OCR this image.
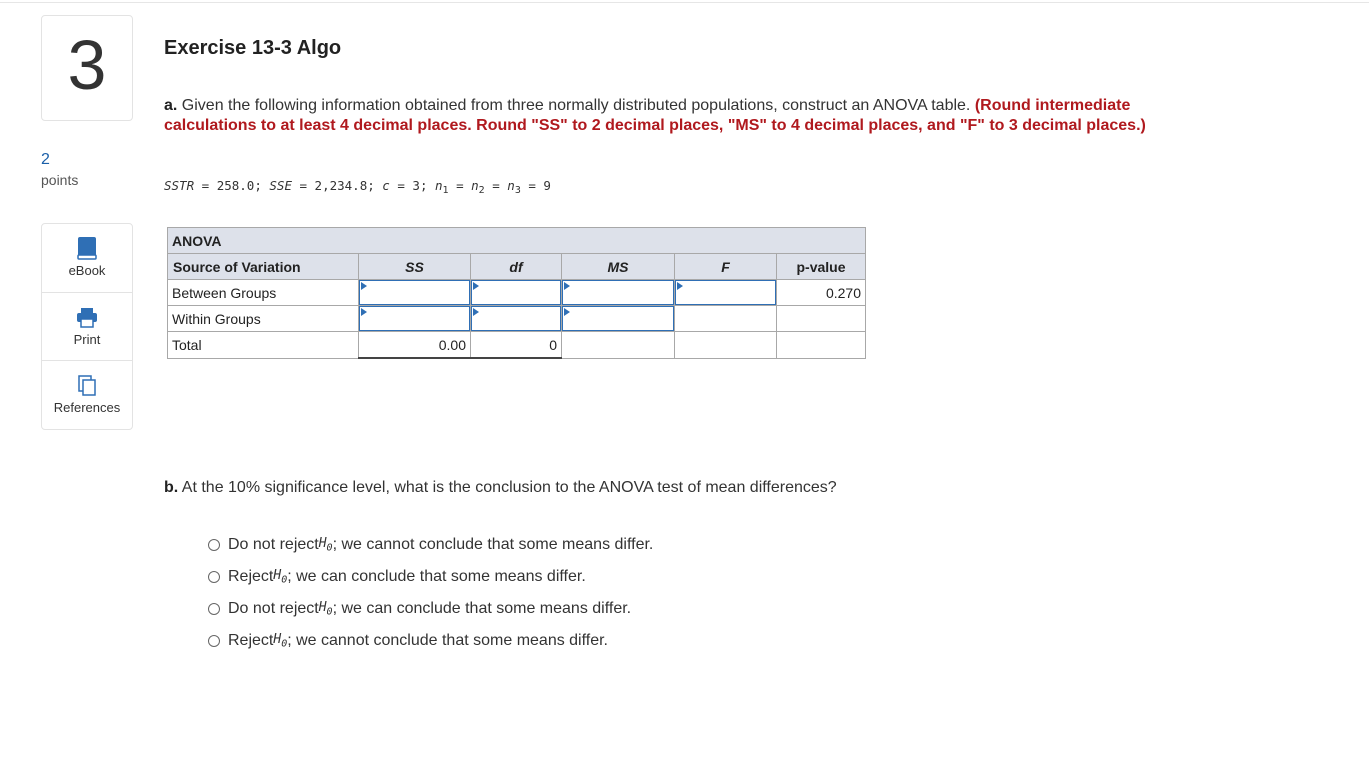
3
2
points
eBook
Print
References
Exercise 13-3 Algo
a. Given the following information obtained from three normally distributed populations, construct an ANOVA table. (Round intermediate calculations to at least 4 decimal places. Round "SS" to 2 decimal places, "MS" to 4 decimal places, and "F" to 3 decimal places.)
SSTR = 258.0; SSE = 2,234.8; c = 3; $n_1 = n_2 = n_3 = 9$
ANOVA					
Source of Variation	SS	df	MS	F	p-value
Between Groups					0.270
Within Groups	

Total	0.00	0			
b. At the 10% significance level, what is the conclusion to the ANOVA test of mean differences?
Do not reject $H_0$ ; we cannot conclude that some means differ.
Reject $H_0$ ; we can conclude that some means differ.
Do not reject $H_0$ ; we can conclude that some means differ.
Reject $H_0$ ; we cannot conclude that some means differ.
